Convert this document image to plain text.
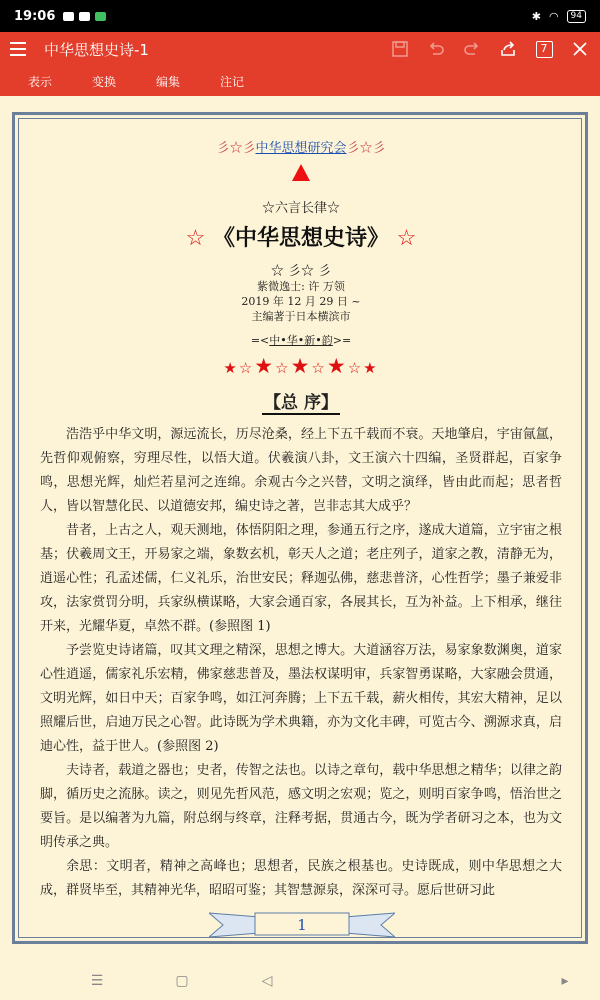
19:06	✱ ◠	94
中华思想史诗-1	7
表示	变换	编集	注记
彡☆彡中华思想研究会彡☆彡
☆六言长律☆
☆ 《中华思想史诗》 ☆
☆ 彡☆ 彡
紫微逸士: 许 万领
2019 年 12 月 29 日 ~
主编著于日本横滨市
=<中•华•新•韵>=
★☆★☆★☆★☆★
【总 序】

浩浩乎中华文明，源远流长，历尽沧桑，经上下五千载而不衰。天地肇启，宇宙氤氲，先哲仰观俯察，穷理尽性，以悟大道。伏羲演八卦，文王演六十四编，圣贤群起，百家争鸣，思想光辉，灿烂若星河之连绵。余观古今之兴替，文明之演绎，皆由此而起；思者哲人，皆以智慧化民、以道德安邦，编史诗之著，岂非志其大成乎？

昔者，上古之人，观天测地，体悟阴阳之理，参通五行之序，遂成大道篇，立宇宙之根基；伏羲周文王，开易家之端，象数玄机，彰天人之道；老庄列子，道家之教，清静无为，逍遥心性；孔孟述儒，仁义礼乐，治世安民；释迦弘佛，慈悲普济，心性哲学；墨子兼爱非攻，法家赏罚分明，兵家纵横谋略，大家会通百家，各展其长，互为补益。上下相承，继往开来，光耀华夏，卓然不群。(参照图 1)

予尝览史诗诸篇，叹其文理之精深，思想之博大。大道涵容万法，易家象数渊奥，道家心性逍遥，儒家礼乐宏精，佛家慈悲普及，墨法权谋明审，兵家智勇谋略，大家融会贯通，文明光辉，如日中天；百家争鸣，如江河奔腾；上下五千载，薪火相传，其宏大精神，足以照耀后世，启迪万民之心智。此诗既为学术典籍，亦为文化丰碑，可览古今、溯源求真，启迪心性，益于世人。(参照图 2)

夫诗者，载道之器也；史者，传智之法也。以诗之章句，载中华思想之精华；以律之韵脚，循历史之流脉。读之，则见先哲风范，感文明之宏观；览之，则明百家争鸣，悟治世之要旨。是以编著为九篇，附总纲与终章，注释考据，贯通古今，既为学者研习之本，也为文明传承之典。

余思：文明者，精神之高峰也；思想者，民族之根基也。史诗既成，则中华思想之大成，群贤毕至，其精神光华，昭昭可鉴；其智慧源泉，深深可寻。愿后世研习此

1
☰	▢	◁	▸
